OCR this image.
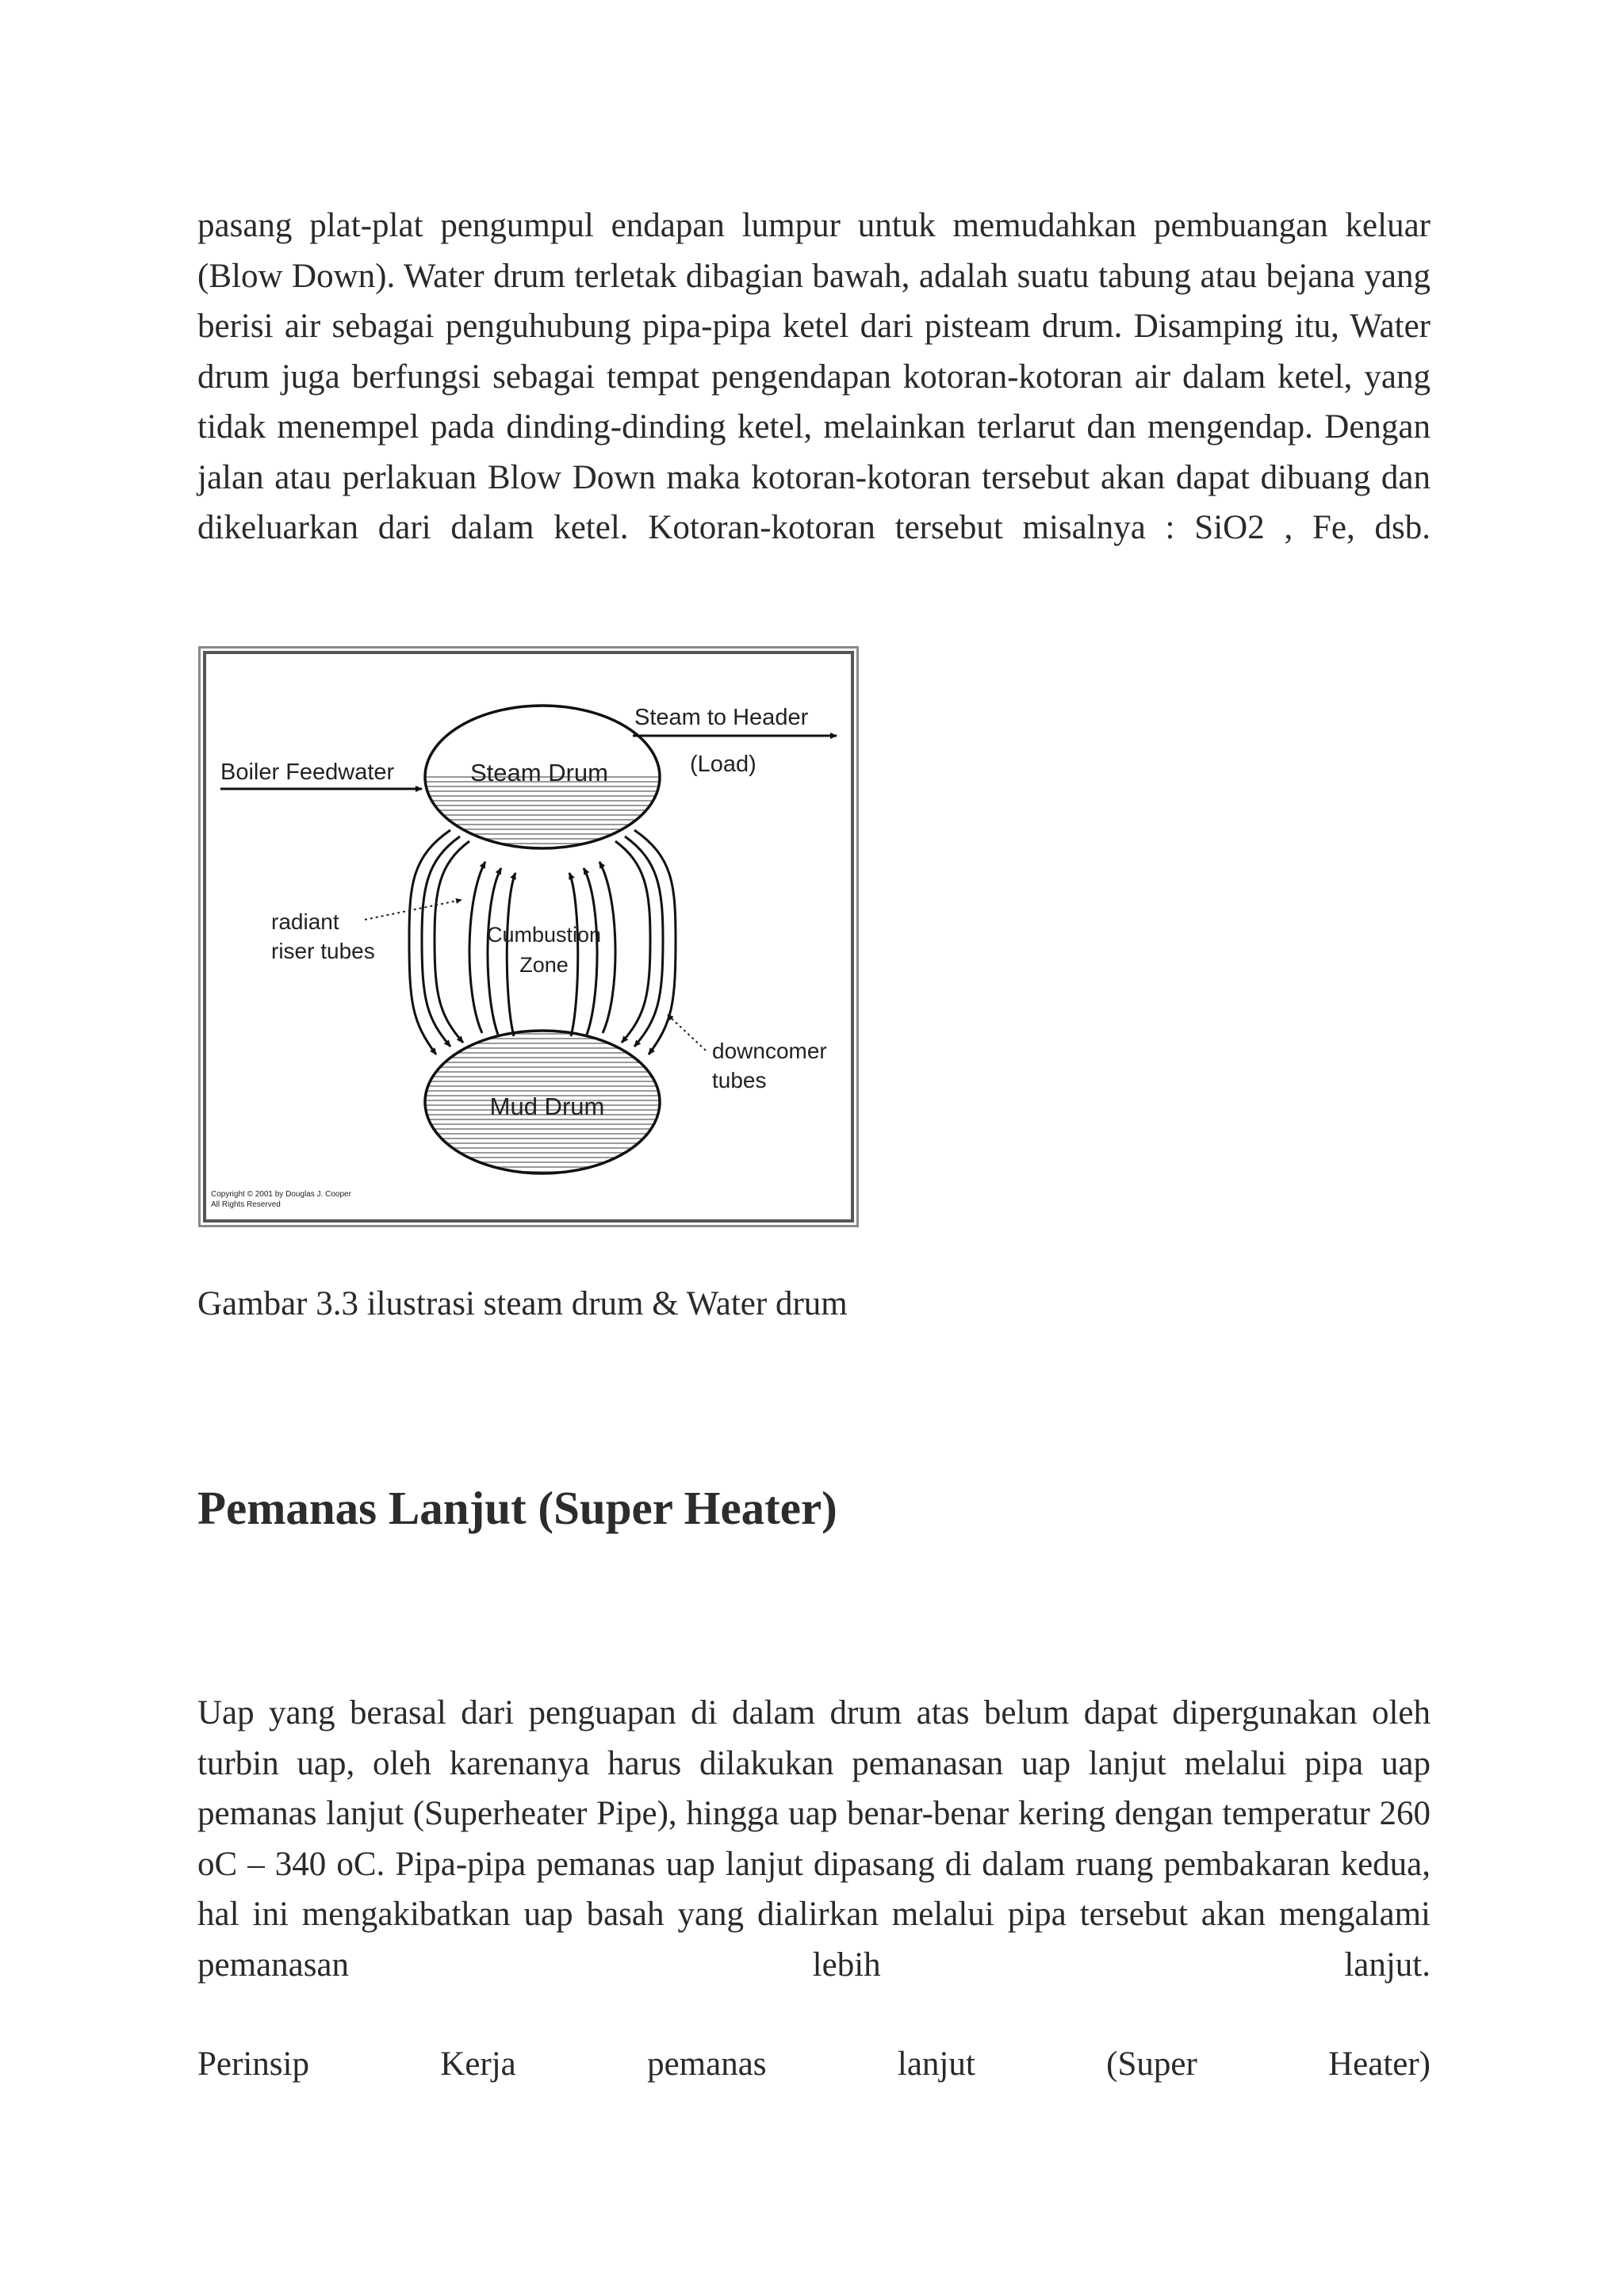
pasang plat-plat pengumpul endapan lumpur untuk memudahkan pembuangan keluar (Blow Down). Water drum terletak dibagian bawah, adalah suatu tabung atau bejana yang berisi air sebagai penguhubung pipa-pipa ketel dari pisteam drum. Disamping itu, Water drum juga berfungsi sebagai tempat pengendapan kotoran-kotoran air dalam ketel, yang tidak menempel pada dinding-dinding ketel, melainkan terlarut dan mengendap. Dengan jalan atau perlakuan Blow Down maka kotoran-kotoran tersebut akan dapat dibuang dan dikeluarkan dari dalam ketel. Kotoran-kotoran tersebut misalnya : SiO2 , Fe, dsb.

Steam to Header
(Load)
Boiler Feedwater	Steam Drum
radiant
riser tubes
Cumbustion
Zone
downcomer
tubes
Mud Drum
Copyright © 2001 by Douglas J. Cooper
All Rights Reserved

Gambar 3.3 ilustrasi steam drum & Water drum

Pemanas Lanjut (Super Heater)

Uap yang berasal dari penguapan di dalam drum atas belum dapat dipergunakan oleh turbin uap, oleh karenanya harus dilakukan pemanasan uap lanjut melalui pipa uap pemanas lanjut (Superheater Pipe), hingga uap benar-benar kering dengan temperatur 260 oC – 340 oC. Pipa-pipa pemanas uap lanjut dipasang di dalam ruang pembakaran kedua, hal ini mengakibatkan uap basah yang dialirkan melalui pipa tersebut akan mengalami pemanasan lebih lanjut.

Perinsip Kerja pemanas lanjut (Super Heater)
